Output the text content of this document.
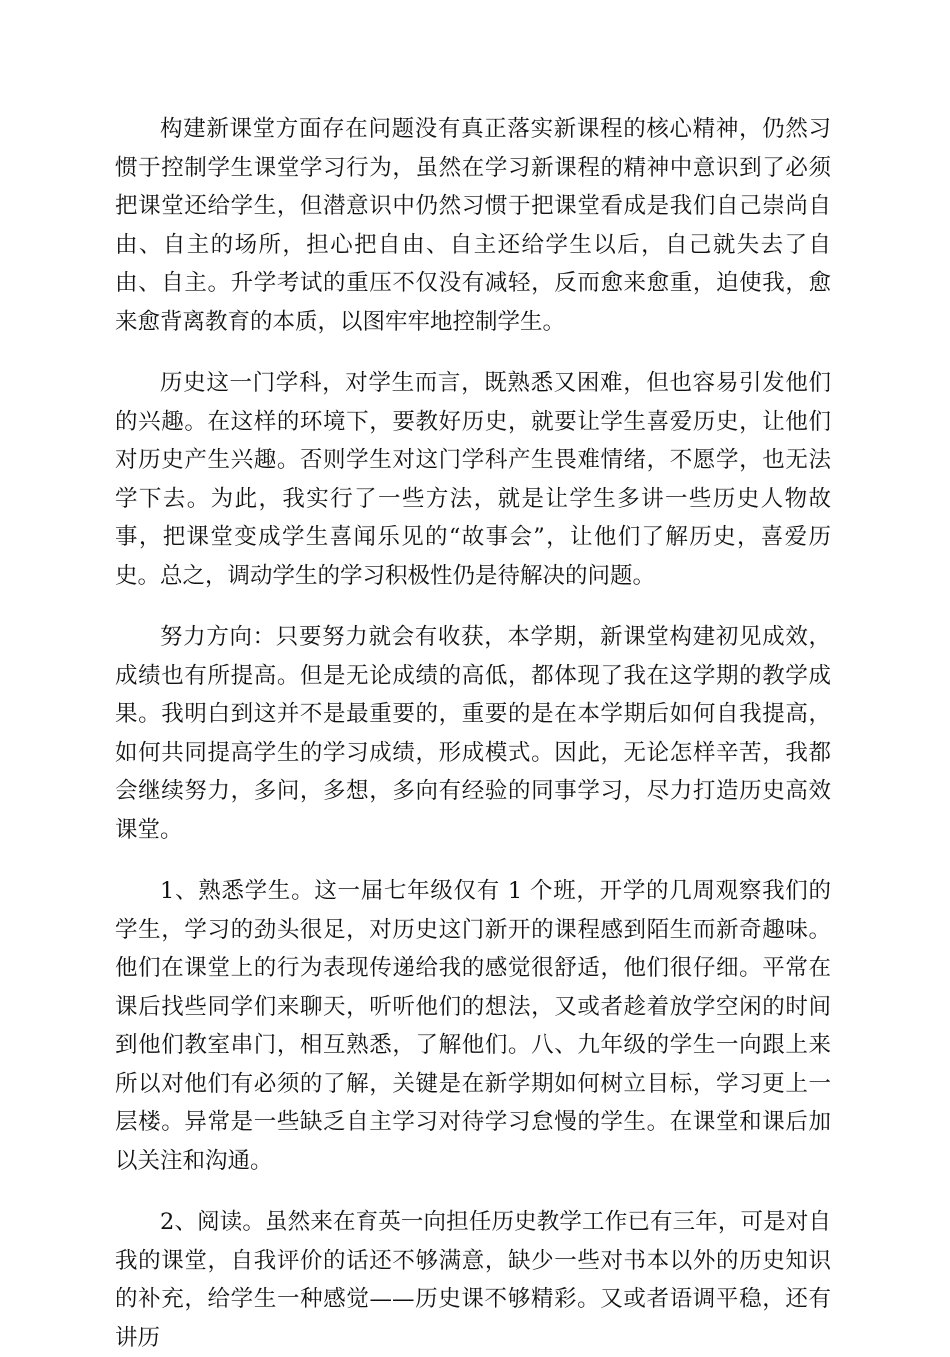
构建新课堂方面存在问题没有真正落实新课程的核心精神，仍然习惯于控制学生课堂学习行为，虽然在学习新课程的精神中意识到了必须把课堂还给学生，但潜意识中仍然习惯于把课堂看成是我们自己崇尚自由、自主的场所，担心把自由、自主还给学生以后，自己就失去了自由、自主。升学考试的重压不仅没有减轻，反而愈来愈重，迫使我，愈来愈背离教育的本质，以图牢牢地控制学生。

历史这一门学科，对学生而言，既熟悉又困难，但也容易引发他们的兴趣。在这样的环境下，要教好历史，就要让学生喜爱历史，让他们对历史产生兴趣。否则学生对这门学科产生畏难情绪，不愿学，也无法学下去。为此，我实行了一些方法，就是让学生多讲一些历史人物故事，把课堂变成学生喜闻乐见的“故事会”，让他们了解历史，喜爱历史。总之，调动学生的学习积极性仍是待解决的问题。

努力方向：只要努力就会有收获，本学期，新课堂构建初见成效，成绩也有所提高。但是无论成绩的高低，都体现了我在这学期的教学成果。我明白到这并不是最重要的，重要的是在本学期后如何自我提高，如何共同提高学生的学习成绩，形成模式。因此，无论怎样辛苦，我都会继续努力，多问，多想，多向有经验的同事学习，尽力打造历史高效课堂。

1、熟悉学生。这一届七年级仅有 1 个班，开学的几周观察我们的学生，学习的劲头很足，对历史这门新开的课程感到陌生而新奇趣味。他们在课堂上的行为表现传递给我的感觉很舒适，他们很仔细。平常在课后找些同学们来聊天，听听他们的想法，又或者趁着放学空闲的时间到他们教室串门，相互熟悉，了解他们。八、九年级的学生一向跟上来所以对他们有必须的了解，关键是在新学期如何树立目标，学习更上一层楼。异常是一些缺乏自主学习对待学习怠慢的学生。在课堂和课后加以关注和沟通。

2、阅读。虽然来在育英一向担任历史教学工作已有三年，可是对自我的课堂，自我评价的话还不够满意，缺少一些对书本以外的历史知识的补充，给学生一种感觉——历史课不够精彩。又或者语调平稳，还有讲历
